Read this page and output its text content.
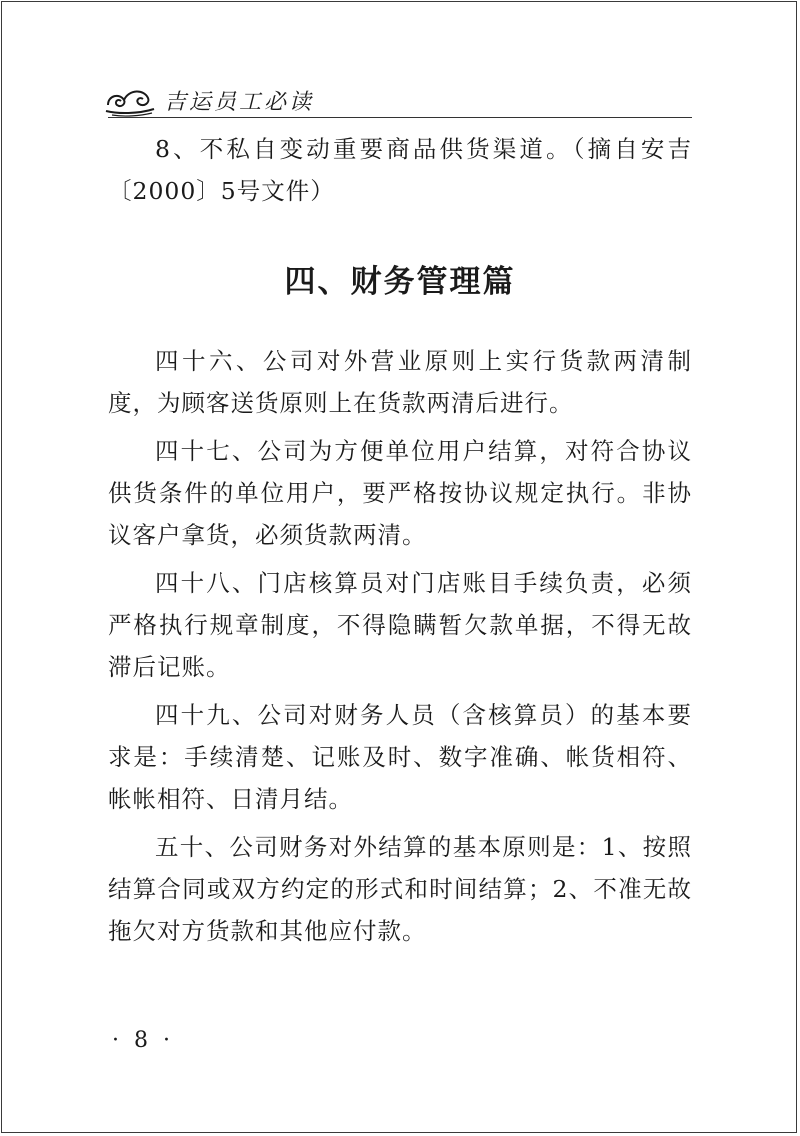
吉运员工必读

8、不私自变动重要商品供货渠道。（摘自安吉〔2000〕5号文件）

四、财务管理篇

四十六、公司对外营业原则上实行货款两清制度，为顾客送货原则上在货款两清后进行。

四十七、公司为方便单位用户结算，对符合协议供货条件的单位用户，要严格按协议规定执行。非协议客户拿货，必须货款两清。

四十八、门店核算员对门店账目手续负责，必须严格执行规章制度，不得隐瞒暂欠款单据，不得无故滞后记账。

四十九、公司对财务人员（含核算员）的基本要求是：手续清楚、记账及时、数字准确、帐货相符、帐帐相符、日清月结。

五十、公司财务对外结算的基本原则是：1、按照结算合同或双方约定的形式和时间结算；2、不准无故拖欠对方货款和其他应付款。

· 8 ·
